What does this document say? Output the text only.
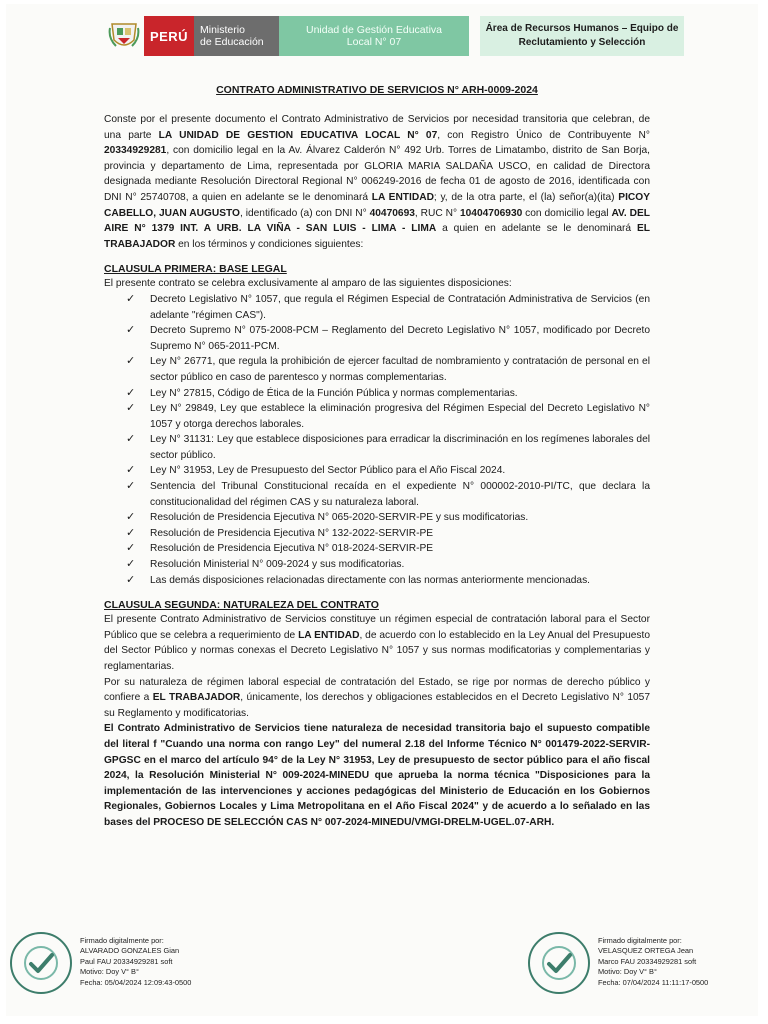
PERÚ	Ministerio
de Educación
Unidad de Gestión Educativa
Local N° 07
Área de Recursos Humanos – Equipo de
Reclutamiento y Selección
CONTRATO ADMINISTRATIVO DE SERVICIOS N° ARH-0009-2024

Conste por el presente documento el Contrato Administrativo de Servicios por necesidad transitoria que celebran, de una parte LA UNIDAD DE GESTION EDUCATIVA LOCAL N° 07, con Registro Único de Contribuyente N° 20334929281, con domicilio legal en la Av. Álvarez Calderón N° 492 Urb. Torres de Limatambo, distrito de San Borja, provincia y departamento de Lima, representada por GLORIA MARIA SALDAÑA USCO, en calidad de Directora designada mediante Resolución Directoral Regional N° 006249-2016 de fecha 01 de agosto de 2016, identificada con DNI N° 25740708, a quien en adelante se le denominará LA ENTIDAD; y, de la otra parte, el (la) señor(a)(ita) PICOY CABELLO, JUAN AUGUSTO, identificado (a) con DNI N° 40470693, RUC N° 10404706930 con domicilio legal AV. DEL AIRE N° 1379 INT. A URB. LA VIÑA - SAN LUIS - LIMA - LIMA a quien en adelante se le denominará EL TRABAJADOR en los términos y condiciones siguientes:

CLAUSULA PRIMERA: BASE LEGAL

El presente contrato se celebra exclusivamente al amparo de las siguientes disposiciones:

✓ Decreto Legislativo N° 1057, que regula el Régimen Especial de Contratación Administrativa de Servicios (en adelante "régimen CAS").
✓ Decreto Supremo N° 075-2008-PCM – Reglamento del Decreto Legislativo N° 1057, modificado por Decreto Supremo N° 065-2011-PCM.
✓ Ley N° 26771, que regula la prohibición de ejercer facultad de nombramiento y contratación de personal en el sector público en caso de parentesco y normas complementarias.
✓ Ley N° 27815, Código de Ética de la Función Pública y normas complementarias.
✓ Ley N° 29849, Ley que establece la eliminación progresiva del Régimen Especial del Decreto Legislativo N° 1057 y otorga derechos laborales.
✓ Ley N° 31131: Ley que establece disposiciones para erradicar la discriminación en los regímenes laborales del sector público.
✓ Ley N° 31953, Ley de Presupuesto del Sector Público para el Año Fiscal 2024.
✓ Sentencia del Tribunal Constitucional recaída en el expediente N° 000002-2010-PI/TC, que declara la constitucionalidad del régimen CAS y su naturaleza laboral.
✓ Resolución de Presidencia Ejecutiva N° 065-2020-SERVIR-PE y sus modificatorias.
✓ Resolución de Presidencia Ejecutiva N° 132-2022-SERVIR-PE
✓ Resolución de Presidencia Ejecutiva N° 018-2024-SERVIR-PE
✓ Resolución Ministerial N° 009-2024 y sus modificatorias.
✓ Las demás disposiciones relacionadas directamente con las normas anteriormente mencionadas.
CLAUSULA SEGUNDA: NATURALEZA DEL CONTRATO

El presente Contrato Administrativo de Servicios constituye un régimen especial de contratación laboral para el Sector Público que se celebra a requerimiento de LA ENTIDAD, de acuerdo con lo establecido en la Ley Anual del Presupuesto del Sector Público y normas conexas el Decreto Legislativo N° 1057 y sus normas modificatorias y complementarias y reglamentarias.

Por su naturaleza de régimen laboral especial de contratación del Estado, se rige por normas de derecho público y confiere a EL TRABAJADOR, únicamente, los derechos y obligaciones establecidos en el Decreto Legislativo N° 1057 su Reglamento y modificatorias.

El Contrato Administrativo de Servicios tiene naturaleza de necesidad transitoria bajo el supuesto compatible del literal f "Cuando una norma con rango Ley" del numeral 2.18 del Informe Técnico N° 001479-2022-SERVIR-GPGSC en el marco del artículo 94° de la Ley N° 31953, Ley de presupuesto de sector público para el año fiscal 2024, la Resolución Ministerial N° 009-2024-MINEDU que aprueba la norma técnica "Disposiciones para la implementación de las intervenciones y acciones pedagógicas del Ministerio de Educación en los Gobiernos Regionales, Gobiernos Locales y Lima Metropolitana en el Año Fiscal 2024" y de acuerdo a lo señalado en las bases del PROCESO DE SELECCIÓN CAS N° 007-2024-MINEDU/VMGI-DRELM-UGEL.07-ARH.

Firmado digitalmente por:
ALVARADO GONZALES Gian
Paul FAU 20334929281 soft
Motivo: Doy V° B°
Fecha: 05/04/2024 12:09:43-0500
Firmado digitalmente por:
VELASQUEZ ORTEGA Jean
Marco FAU 20334929281 soft
Motivo: Doy V° B°
Fecha: 07/04/2024 11:11:17-0500
